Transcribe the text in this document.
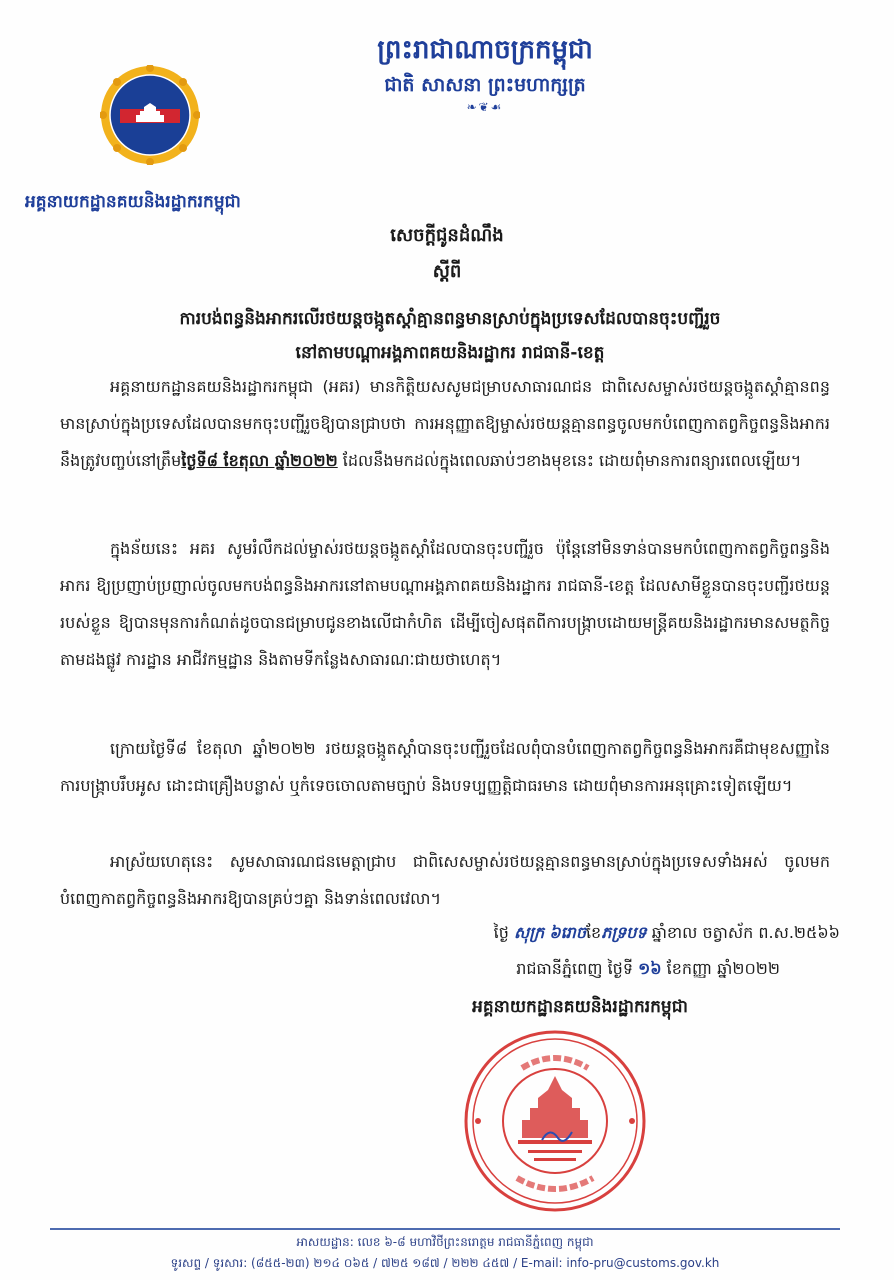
ព្រះរាជាណាចក្រកម្ពុជា
ជាតិ សាសនា ព្រះមហាក្សត្រ
❧❦☙
អគ្គនាយកដ្ឋានគយនិងរដ្ឋាករកម្ពុជា
សេចក្តីជូនដំណឹង
ស្តីពី
ការបង់ពន្ធនិងអាករលើរថយន្តចង្កូតស្តាំគ្មានពន្ធមានស្រាប់ក្នុងប្រទេសដែលបានចុះបញ្ជីរួច
នៅតាមបណ្តាអង្គភាពគយនិងរដ្ឋាករ រាជធានី-ខេត្ត
អគ្គនាយកដ្ឋានគយនិងរដ្ឋាករកម្ពុជា (អគរ) មានកិត្តិយសសូមជម្រាបសាធារណជន ជាពិសេសម្ចាស់រថយន្តចង្កូតស្តាំគ្មានពន្ធមានស្រាប់ក្នុងប្រទេសដែលបានមកចុះបញ្ជីរួចឱ្យបានជ្រាបថា ការអនុញ្ញាតឱ្យម្ចាស់រថយន្តគ្មានពន្ធចូលមកបំពេញកាតព្វកិច្ចពន្ធនិងអាករ នឹងត្រូវបញ្ចប់នៅត្រឹមថ្ងៃទី៨ ខែតុលា ឆ្នាំ២០២២ ដែលនឹងមកដល់ក្នុងពេលឆាប់ៗខាងមុខនេះ ដោយពុំមានការពន្យារពេលឡើយ។
ក្នុងន័យនេះ អគរ សូមរំលឹកដល់ម្ចាស់រថយន្តចង្កូតស្តាំដែលបានចុះបញ្ជីរួច ប៉ុន្តែនៅមិនទាន់បានមកបំពេញកាតព្វកិច្ចពន្ធនិងអាករ ឱ្យប្រញាប់ប្រញាល់ចូលមកបង់ពន្ធនិងអាករនៅតាមបណ្តាអង្គភាពគយនិងរដ្ឋាករ រាជធានី-ខេត្ត ដែលសាមីខ្លួនបានចុះបញ្ជីរថយន្តរបស់ខ្លួន ឱ្យបានមុនការកំណត់ដូចបានជម្រាបជូនខាងលើជាកំហិត ដើម្បីចៀសផុតពីការបង្ក្រាបដោយមន្ត្រីគយនិងរដ្ឋាករមានសមត្ថកិច្ចតាមដងផ្លូវ ការដ្ឋាន អាជីវកម្មដ្ឋាន និងតាមទីកន្លែងសាធារណៈជាយថាហេតុ។
ក្រោយថ្ងៃទី៨ ខែតុលា ឆ្នាំ២០២២ រថយន្តចង្កូតស្តាំបានចុះបញ្ជីរួចដែលពុំបានបំពេញកាតព្វកិច្ចពន្ធនិងអាករគឺជាមុខសញ្ញានៃការបង្ក្រាបរឹបអូស ដោះជាគ្រឿងបន្លាស់ ឬកំទេចចោលតាមច្បាប់ និងបទប្បញ្ញត្តិជាធរមាន ដោយពុំមានការអនុគ្រោះទៀតឡើយ។
អាស្រ័យហេតុនេះ សូមសាធារណជនមេត្តាជ្រាប ជាពិសេសម្ចាស់រថយន្តគ្មានពន្ធមានស្រាប់ក្នុងប្រទេសទាំងអស់ ចូលមកបំពេញកាតព្វកិច្ចពន្ធនិងអាករឱ្យបានគ្រប់ៗគ្នា និងទាន់ពេលវេលា។
ថ្ងៃ សុក្រ ៦រោចខែភទ្របទ ឆ្នាំខាល ចត្វាស័ក ព.ស.២៥៦៦
រាជធានីភ្នំពេញ ថ្ងៃទី ១៦ ខែកញ្ញា ឆ្នាំ២០២២
អគ្គនាយកដ្ឋានគយនិងរដ្ឋាករកម្ពុជា
អាសយដ្ឋាន: លេខ ៦-៨ មហាវិថីព្រះនរោត្តម រាជធានីភ្នំពេញ កម្ពុជា
ទូរសព្ទ / ទូរសារ: (៨៥៥-២៣) ២១៤ ០៦៥ / ៧២៥ ១៨៧ / ២២២ ៤៥៧ / E-mail: info-pru@customs.gov.kh
